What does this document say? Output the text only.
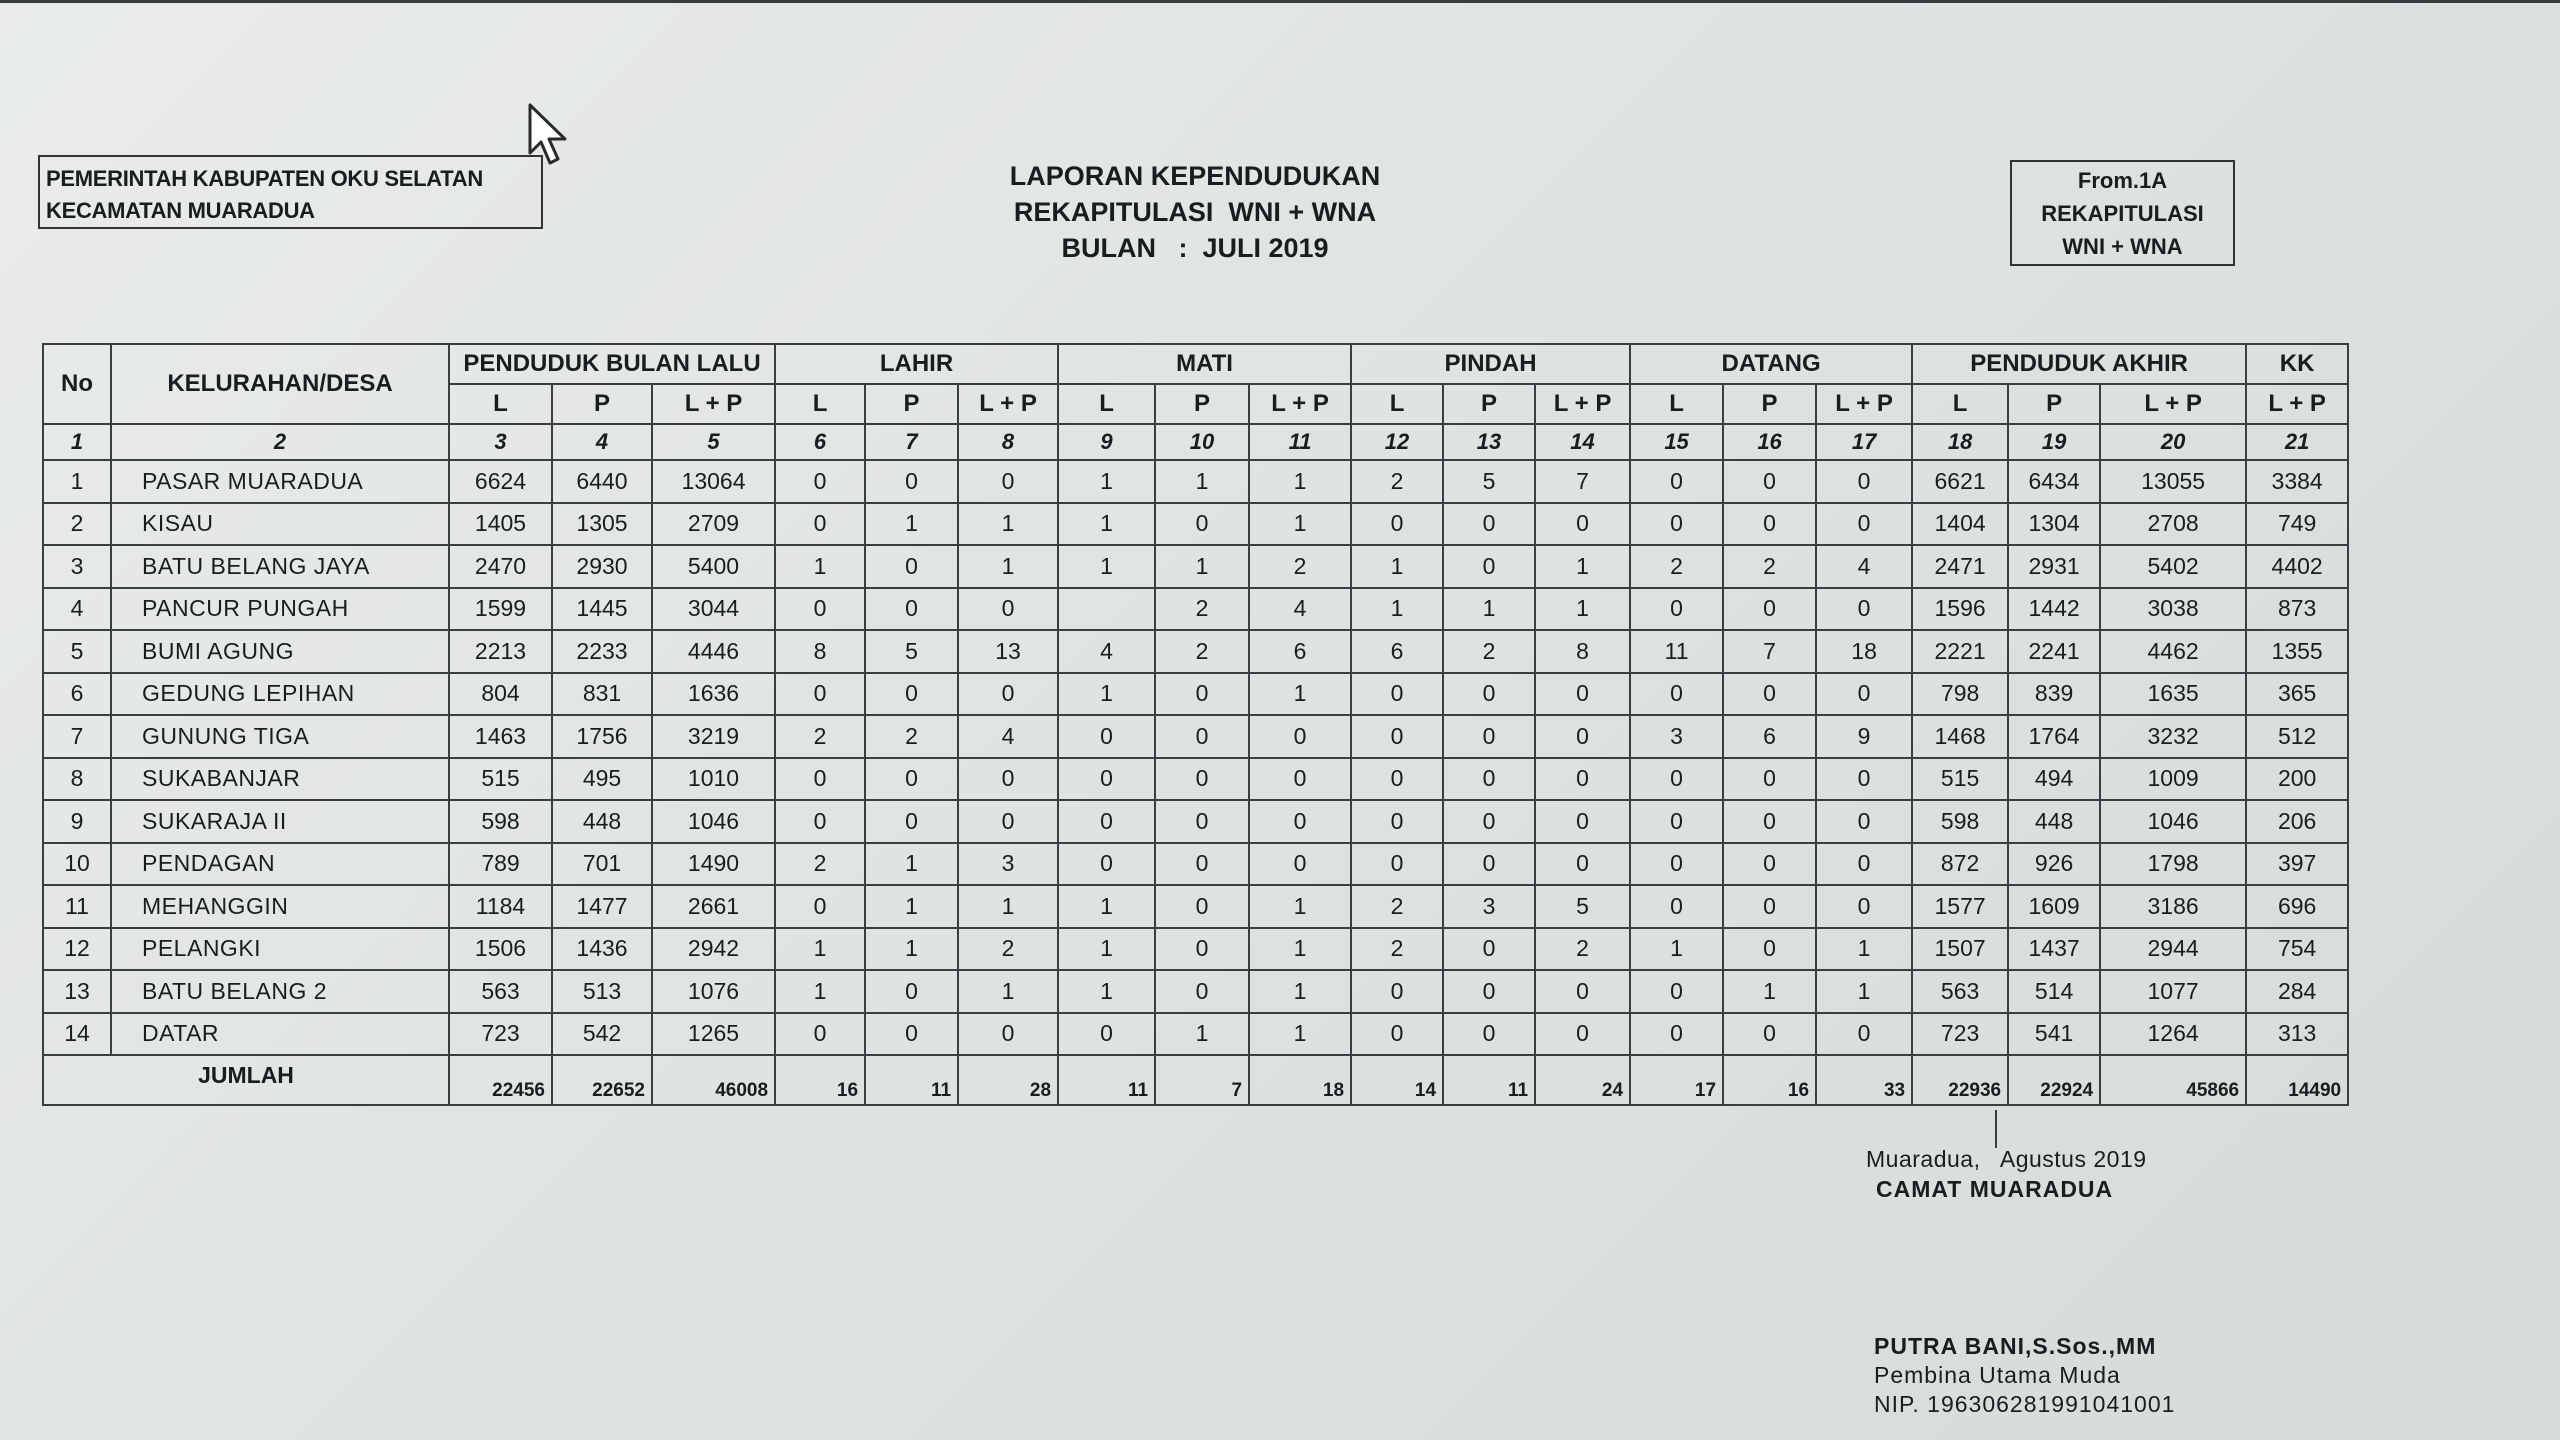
PEMERINTAH KABUPATEN OKU SELATAN
KECAMATAN MUARADUA
LAPORAN KEPENDUDUKAN
REKAPITULASI  WNI + WNA
BULAN   :  JULI 2019
From.1A
REKAPITULASI
WNI + WNA
No	KELURAHAN/DESA	PENDUDUK BULAN LALU			LAHIR			MATI			PINDAH			DATANG			PENDUDUK AKHIR			KK
		L	P	L + P	L	P	L + P	L	P	L + P	L	P	L + P	L	P	L + P	L	P	L + P	L + P
1	2	3	4	5	6	7	8	9	10	11	12	13	14	15	16	17	18	19	20	21
1	PASAR MUARADUA	6624	6440	13064	0	0	0	1	1	1	2	5	7	0	0	0	6621	6434	13055	3384
2	KISAU	1405	1305	2709	0	1	1	1	0	1	0	0	0	0	0	0	1404	1304	2708	749
3	BATU BELANG JAYA	2470	2930	5400	1	0	1	1	1	2	1	0	1	2	2	4	2471	2931	5402	4402
4	PANCUR PUNGAH	1599	1445	3044	0	0	0		2	4	1	1	1	0	0	0	1596	1442	3038	873
5	BUMI AGUNG	2213	2233	4446	8	5	13	4	2	6	6	2	8	11	7	18	2221	2241	4462	1355
6	GEDUNG LEPIHAN	804	831	1636	0	0	0	1	0	1	0	0	0	0	0	0	798	839	1635	365
7	GUNUNG TIGA	1463	1756	3219	2	2	4	0	0	0	0	0	0	3	6	9	1468	1764	3232	512
8	SUKABANJAR	515	495	1010	0	0	0	0	0	0	0	0	0	0	0	0	515	494	1009	200
9	SUKARAJA II	598	448	1046	0	0	0	0	0	0	0	0	0	0	0	0	598	448	1046	206
10	PENDAGAN	789	701	1490	2	1	3	0	0	0	0	0	0	0	0	0	872	926	1798	397
11	MEHANGGIN	1184	1477	2661	0	1	1	1	0	1	2	3	5	0	0	0	1577	1609	3186	696
12	PELANGKI	1506	1436	2942	1	1	2	1	0	1	2	0	2	1	0	1	1507	1437	2944	754
13	BATU BELANG 2	563	513	1076	1	0	1	1	0	1	0	0	0	0	1	1	563	514	1077	284
14	DATAR	723	542	1265	0	0	0	0	1	1	0	0	0	0	0	0	723	541	1264	313
JUMLAH		22456	22652	46008	16	11	28	11	7	18	14	11	24	17	16	33	22936	22924	45866	14490
Muaradua,   Agustus 2019
CAMAT MUARADUA
PUTRA BANI,S.Sos.,MM
Pembina Utama Muda
NIP. 196306281991041001
